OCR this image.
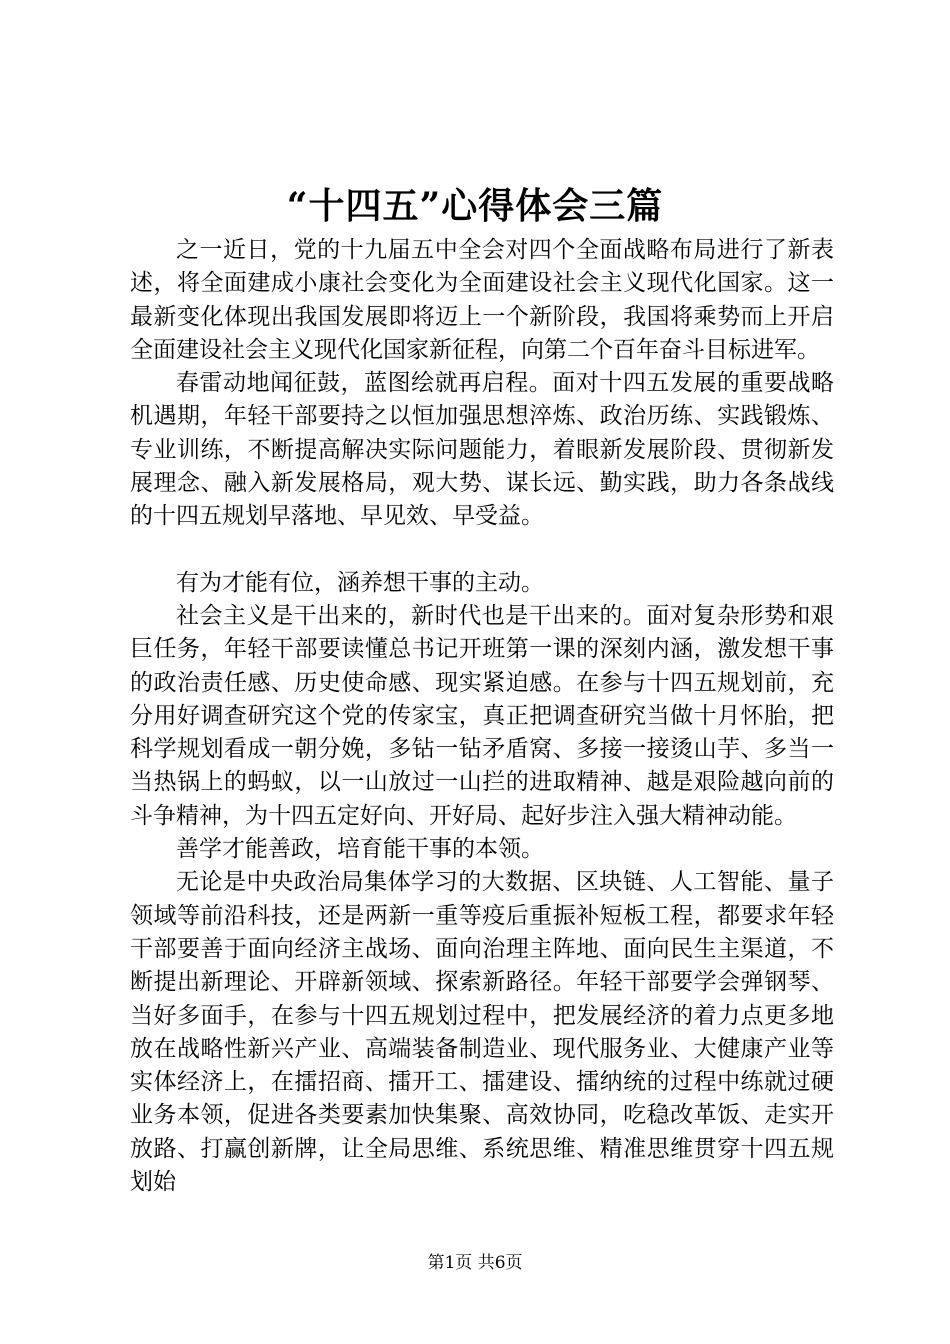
“十四五”心得体会三篇

之一近日，党的十九届五中全会对四个全面战略布局进行了新表述，将全面建成小康社会变化为全面建设社会主义现代化国家。这一最新变化体现出我国发展即将迈上一个新阶段，我国将乘势而上开启全面建设社会主义现代化国家新征程，向第二个百年奋斗目标进军。

春雷动地闻征鼓，蓝图绘就再启程。面对十四五发展的重要战略机遇期，年轻干部要持之以恒加强思想淬炼、政治历练、实践锻炼、专业训练，不断提高解决实际问题能力，着眼新发展阶段、贯彻新发展理念、融入新发展格局，观大势、谋长远、勤实践，助力各条战线的十四五规划早落地、早见效、早受益。

有为才能有位，涵养想干事的主动。

社会主义是干出来的，新时代也是干出来的。面对复杂形势和艰巨任务，年轻干部要读懂总书记开班第一课的深刻内涵，激发想干事的政治责任感、历史使命感、现实紧迫感。在参与十四五规划前，充分用好调查研究这个党的传家宝，真正把调查研究当做十月怀胎，把科学规划看成一朝分娩，多钻一钻矛盾窝、多接一接烫山芋、多当一当热锅上的蚂蚁，以一山放过一山拦的进取精神、越是艰险越向前的斗争精神，为十四五定好向、开好局、起好步注入强大精神动能。

善学才能善政，培育能干事的本领。

无论是中央政治局集体学习的大数据、区块链、人工智能、量子领域等前沿科技，还是两新一重等疫后重振补短板工程，都要求年轻干部要善于面向经济主战场、面向治理主阵地、面向民生主渠道，不断提出新理论、开辟新领域、探索新路径。年轻干部要学会弹钢琴、当好多面手，在参与十四五规划过程中，把发展经济的着力点更多地放在战略性新兴产业、高端装备制造业、现代服务业、大健康产业等实体经济上，在擂招商、擂开工、擂建设、擂纳统的过程中练就过硬业务本领，促进各类要素加快集聚、高效协同，吃稳改革饭、走实开放路、打赢创新牌，让全局思维、系统思维、精准思维贯穿十四五规划始

第1页 共6页
